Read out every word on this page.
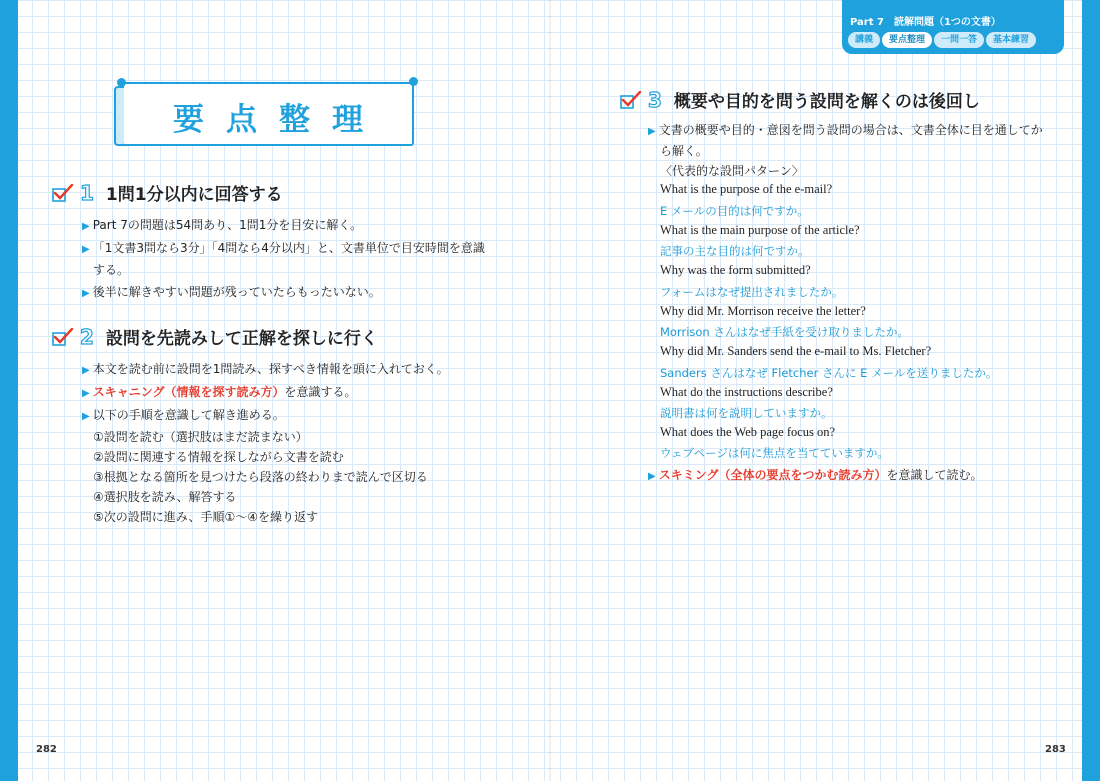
Part 7　読解問題（1つの文書）
講義	要点整理	一問一答	基本練習
要点整理
1 1問1分以内に回答する
▶ Part 7の問題は54問あり、1問1分を目安に解く。
▶ 「1文書3問なら3分」「4問なら4分以内」と、文書単位で目安時間を意識
する。
▶ 後半に解きやすい問題が残っていたらもったいない。
2 設問を先読みして正解を探しに行く
▶ 本文を読む前に設問を1問読み、探すべき情報を頭に入れておく。
▶ スキャニング（情報を探す読み方）を意識する。
▶ 以下の手順を意識して解き進める。
①設問を読む（選択肢はまだ読まない）
②設問に関連する情報を探しながら文書を読む
③根拠となる箇所を見つけたら段落の終わりまで読んで区切る
④選択肢を読み、解答する
⑤次の設問に進み、手順①～④を繰り返す
3 概要や目的を問う設問を解くのは後回し
▶ 文書の概要や目的・意図を問う設問の場合は、文書全体に目を通してか
ら解く。
〈代表的な設問パターン〉
What is the purpose of the e-mail?
E メールの目的は何ですか。
What is the main purpose of the article?
記事の主な目的は何ですか。
Why was the form submitted?
フォームはなぜ提出されましたか。
Why did Mr. Morrison receive the letter?
Morrison さんはなぜ手紙を受け取りましたか。
Why did Mr. Sanders send the e-mail to Ms. Fletcher?
Sanders さんはなぜ Fletcher さんに E メールを送りましたか。
What do the instructions describe?
説明書は何を説明していますか。
What does the Web page focus on?
ウェブページは何に焦点を当てていますか。
▶ スキミング（全体の要点をつかむ読み方）を意識して読む。
282	283
